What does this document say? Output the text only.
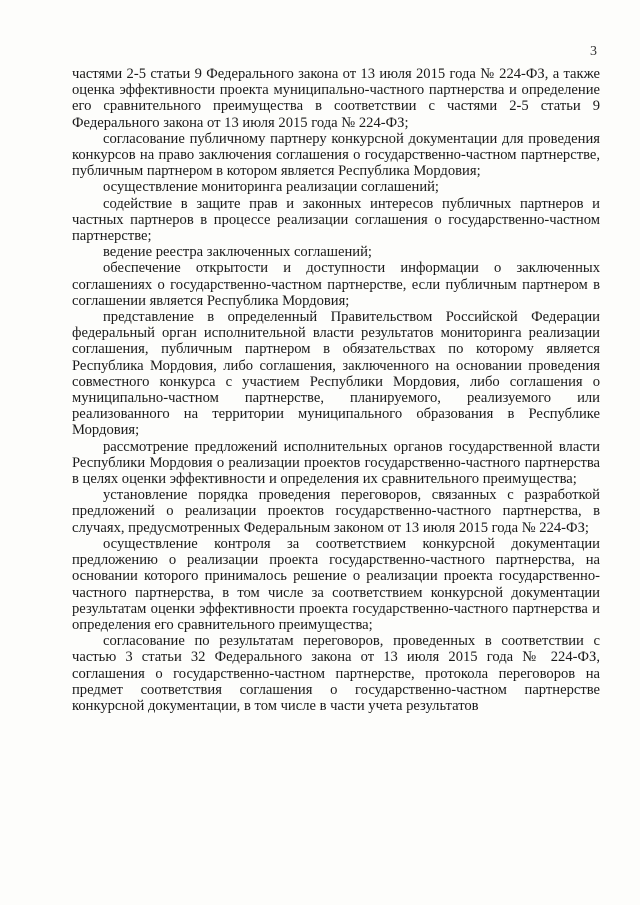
3

частями 2-5 статьи 9 Федерального закона от 13 июля 2015 года № 224-ФЗ, а также оценка эффективности проекта муниципально-частного партнерства и определение его сравнительного преимущества в соответствии с частями 2-5 статьи 9 Федерального закона от 13 июля 2015 года № 224-ФЗ;

согласование публичному партнеру конкурсной документации для проведения конкурсов на право заключения соглашения о государственно-частном партнерстве, публичным партнером в котором является Республика Мордовия;

осуществление мониторинга реализации соглашений;

содействие в защите прав и законных интересов публичных партнеров и частных партнеров в процессе реализации соглашения о государственно-частном партнерстве;

ведение реестра заключенных соглашений;

обеспечение открытости и доступности информации о заключенных соглашениях о государственно-частном партнерстве, если публичным партнером в соглашении является Республика Мордовия;

представление в определенный Правительством Российской Федерации федеральный орган исполнительной власти результатов мониторинга реализации соглашения, публичным партнером в обязательствах по которому является Республика Мордовия, либо соглашения, заключенного на основании проведения совместного конкурса с участием Республики Мордовия, либо соглашения о муниципально-частном партнерстве, планируемого, реализуемого или реализованного на территории муниципального образования в Республике Мордовия;

рассмотрение предложений исполнительных органов государственной власти Республики Мордовия о реализации проектов государственно-частного партнерства в целях оценки эффективности и определения их сравнительного преимущества;

установление порядка проведения переговоров, связанных с разработкой предложений о реализации проектов государственно-частного партнерства, в случаях, предусмотренных Федеральным законом от 13 июля 2015 года № 224-ФЗ;

осуществление контроля за соответствием конкурсной документации предложению о реализации проекта государственно-частного партнерства, на основании которого принималось решение о реализации проекта государственно-частного партнерства, в том числе за соответствием конкурсной документации результатам оценки эффективности проекта государственно-частного партнерства и определения его сравнительного преимущества;

согласование по результатам переговоров, проведенных в соответствии с частью 3 статьи 32 Федерального закона от 13 июля 2015 года № 224-ФЗ, соглашения о государственно-частном партнерстве, протокола переговоров на предмет соответствия соглашения о государственно-частном партнерстве конкурсной документации, в том числе в части учета результатов
